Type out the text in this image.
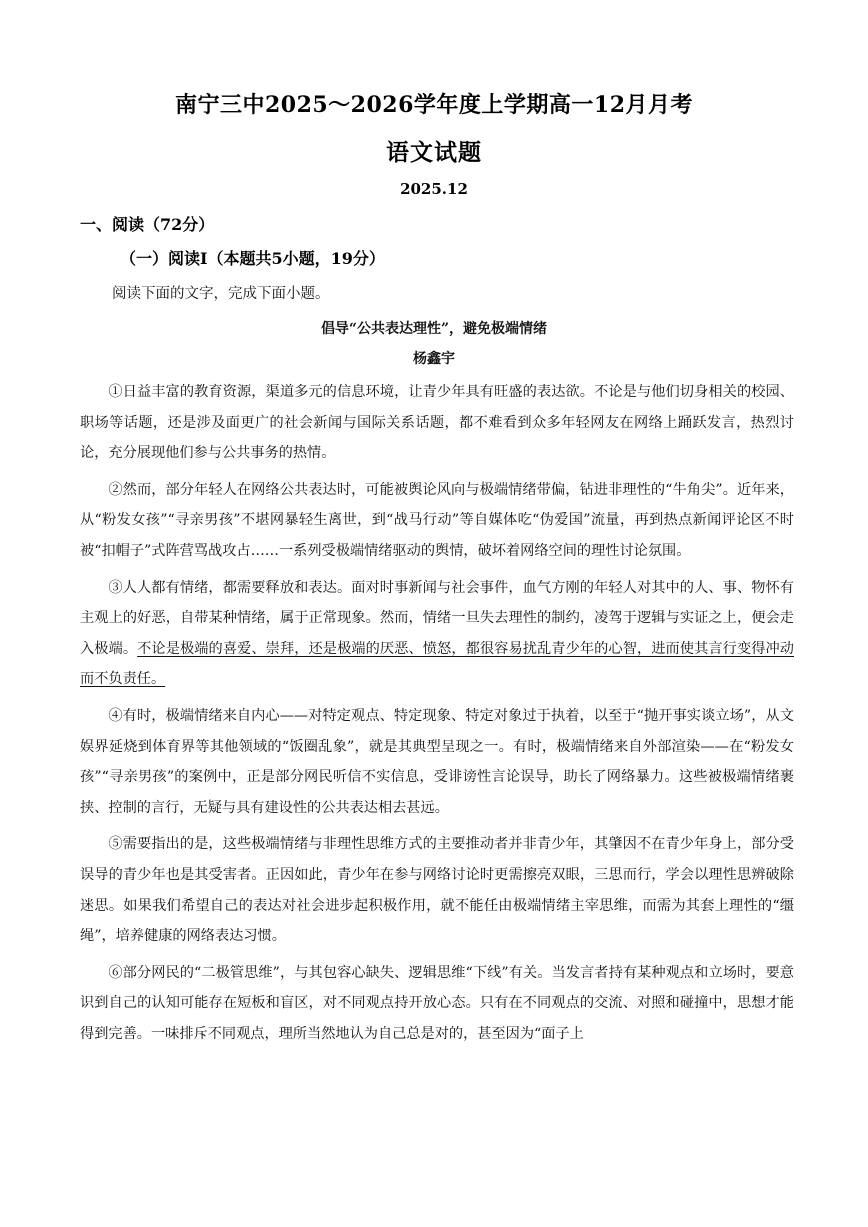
南宁三中2025～2026学年度上学期高一12月月考
语文试题
2025.12
一、阅读（72分）
（一）阅读Ⅰ（本题共5小题，19分）
阅读下面的文字，完成下面小题。
倡导“公共表达理性”，避免极端情绪
杨鑫宇

①日益丰富的教育资源，渠道多元的信息环境，让青少年具有旺盛的表达欲。不论是与他们切身相关的校园、职场等话题，还是涉及面更广的社会新闻与国际关系话题，都不难看到众多年轻网友在网络上踊跃发言，热烈讨论，充分展现他们参与公共事务的热情。

②然而，部分年轻人在网络公共表达时，可能被舆论风向与极端情绪带偏，钻进非理性的“牛角尖”。近年来，从“粉发女孩”“寻亲男孩”不堪网暴轻生离世，到“战马行动”等自媒体吃“伪爱国”流量，再到热点新闻评论区不时被“扣帽子”式阵营骂战攻占……一系列受极端情绪驱动的舆情，破坏着网络空间的理性讨论氛围。

③人人都有情绪，都需要释放和表达。面对时事新闻与社会事件，血气方刚的年轻人对其中的人、事、物怀有主观上的好恶，自带某种情绪，属于正常现象。然而，情绪一旦失去理性的制约，凌驾于逻辑与实证之上，便会走入极端。不论是极端的喜爱、崇拜，还是极端的厌恶、愤怒，都很容易扰乱青少年的心智，进而使其言行变得冲动而不负责任。

④有时，极端情绪来自内心——对特定观点、特定现象、特定对象过于执着，以至于“抛开事实谈立场”，从文娱界延烧到体育界等其他领域的“饭圈乱象”，就是其典型呈现之一。有时，极端情绪来自外部渲染——在“粉发女孩”“寻亲男孩”的案例中，正是部分网民听信不实信息，受诽谤性言论误导，助长了网络暴力。这些被极端情绪裹挟、控制的言行，无疑与具有建设性的公共表达相去甚远。

⑤需要指出的是，这些极端情绪与非理性思维方式的主要推动者并非青少年，其肇因不在青少年身上，部分受误导的青少年也是其受害者。正因如此，青少年在参与网络讨论时更需擦亮双眼，三思而行，学会以理性思辨破除迷思。如果我们希望自己的表达对社会进步起积极作用，就不能任由极端情绪主宰思维，而需为其套上理性的“缰绳”，培养健康的网络表达习惯。

⑥部分网民的“二极管思维”，与其包容心缺失、逻辑思维“下线”有关。当发言者持有某种观点和立场时，要意识到自己的认知可能存在短板和盲区，对不同观点持开放心态。只有在不同观点的交流、对照和碰撞中，思想才能得到完善。一味排斥不同观点，理所当然地认为自己总是对的，甚至因为“面子上
